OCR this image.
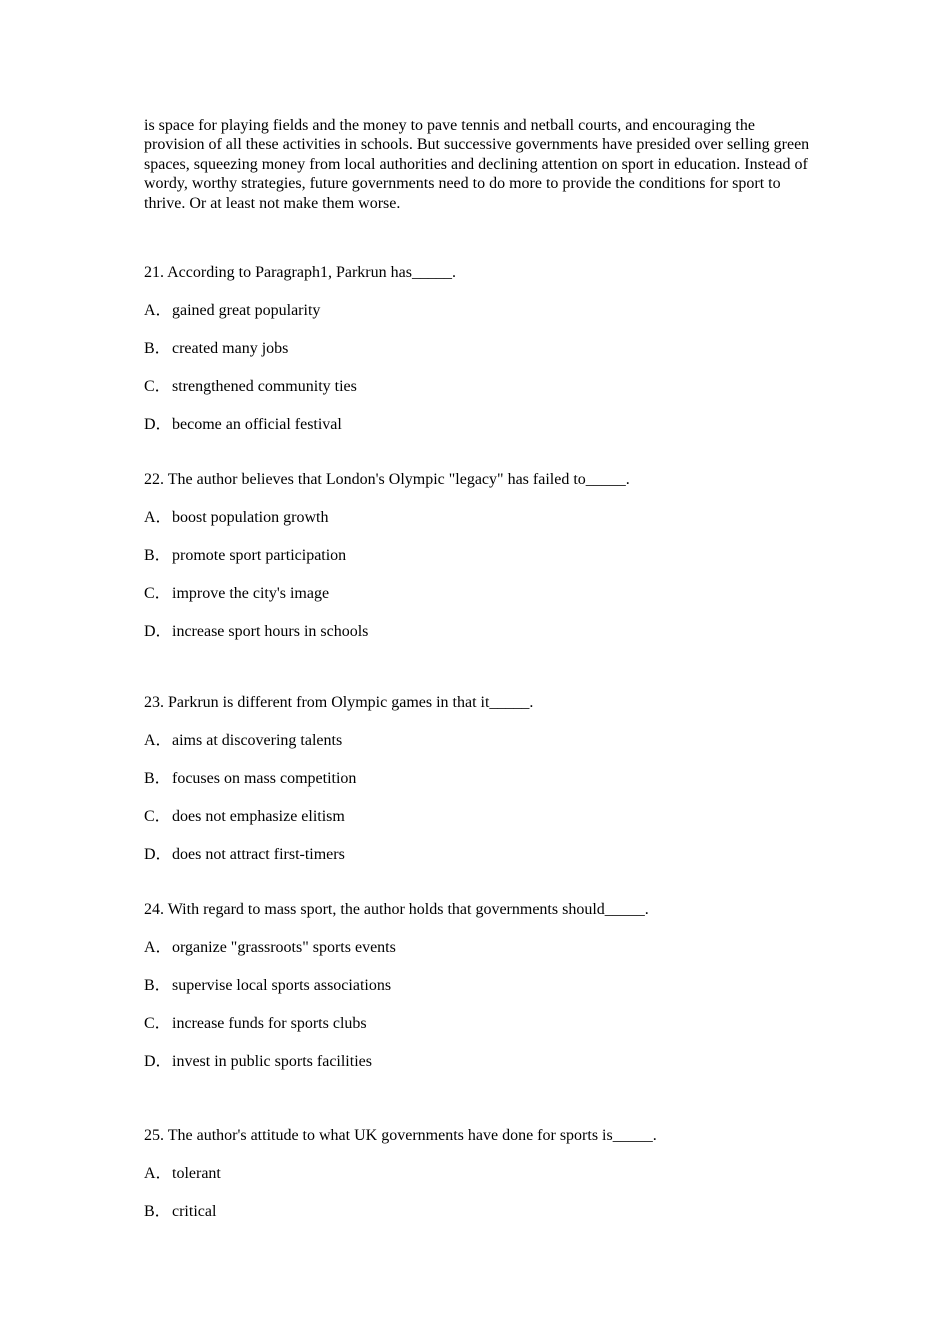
is space for playing fields and the money to pave tennis and netball courts, and encouraging the provision of all these activities in schools. But successive governments have presided over selling green spaces, squeezing money from local authorities and declining attention on sport in education. Instead of wordy, worthy strategies, future governments need to do more to provide the conditions for sport to thrive. Or at least not make them worse.

21. According to Paragraph1, Parkrun has_____.

A．gained great popularity

B．created many jobs

C．strengthened community ties

D．become an official festival

22. The author believes that London's Olympic "legacy" has failed to_____.

A．boost population growth

B．promote sport participation

C．improve the city's image

D．increase sport hours in schools

23. Parkrun is different from Olympic games in that it_____.

A．aims at discovering talents

B．focuses on mass competition

C．does not emphasize elitism

D．does not attract first-timers

24. With regard to mass sport, the author holds that governments should_____.

A．organize "grassroots" sports events

B．supervise local sports associations

C．increase funds for sports clubs

D．invest in public sports facilities

25. The author's attitude to what UK governments have done for sports is_____.

A．tolerant

B．critical
